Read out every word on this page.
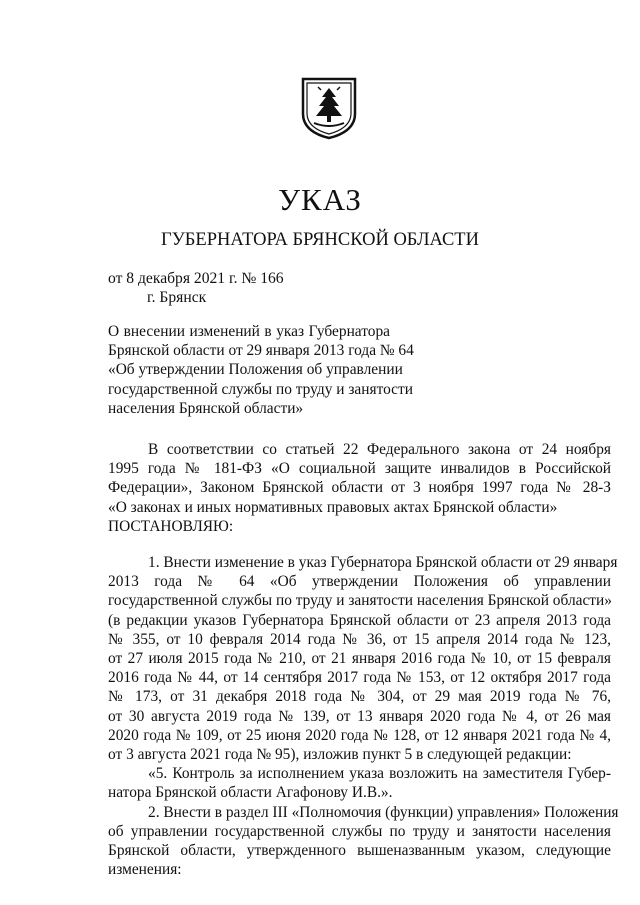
УКАЗ
ГУБЕРНАТОРА БРЯНСКОЙ ОБЛАСТИ
от 8 декабря 2021 г. № 166
г. Брянск
О внесении изменений в указ Губернатора
Брянской области от 29 января 2013 года № 64
«Об утверждении Положения об управлении
государственной службы по труду и занятости
населения Брянской области»
В соответствии со статьей 22 Федерального закона от 24 ноября
1995 года № 181-ФЗ «О социальной защите инвалидов в Российской
Федерации», Законом Брянской области от 3 ноября 1997 года № 28-З
«О законах и иных нормативных правовых актах Брянской области»
ПОСТАНОВЛЯЮ:
1. Внести изменение в указ Губернатора Брянской области от 29 января
2013 года № 64 «Об утверждении Положения об управлении
государственной службы по труду и занятости населения Брянской области»
(в редакции указов Губернатора Брянской области от 23 апреля 2013 года
№ 355, от 10 февраля 2014 года № 36, от 15 апреля 2014 года № 123,
от 27 июля 2015 года № 210, от 21 января 2016 года № 10, от 15 февраля
2016 года № 44, от 14 сентября 2017 года № 153, от 12 октября 2017 года
№ 173, от 31 декабря 2018 года № 304, от 29 мая 2019 года № 76,
от 30 августа 2019 года № 139, от 13 января 2020 года № 4, от 26 мая
2020 года № 109, от 25 июня 2020 года № 128, от 12 января 2021 года № 4,
от 3 августа 2021 года № 95), изложив пункт 5 в следующей редакции:
«5. Контроль за исполнением указа возложить на заместителя Губер-
натора Брянской области Агафонову И.В.».
2. Внести в раздел III «Полномочия (функции) управления» Положения
об управлении государственной службы по труду и занятости населения
Брянской области, утвержденного вышеназванным указом, следующие
изменения:
